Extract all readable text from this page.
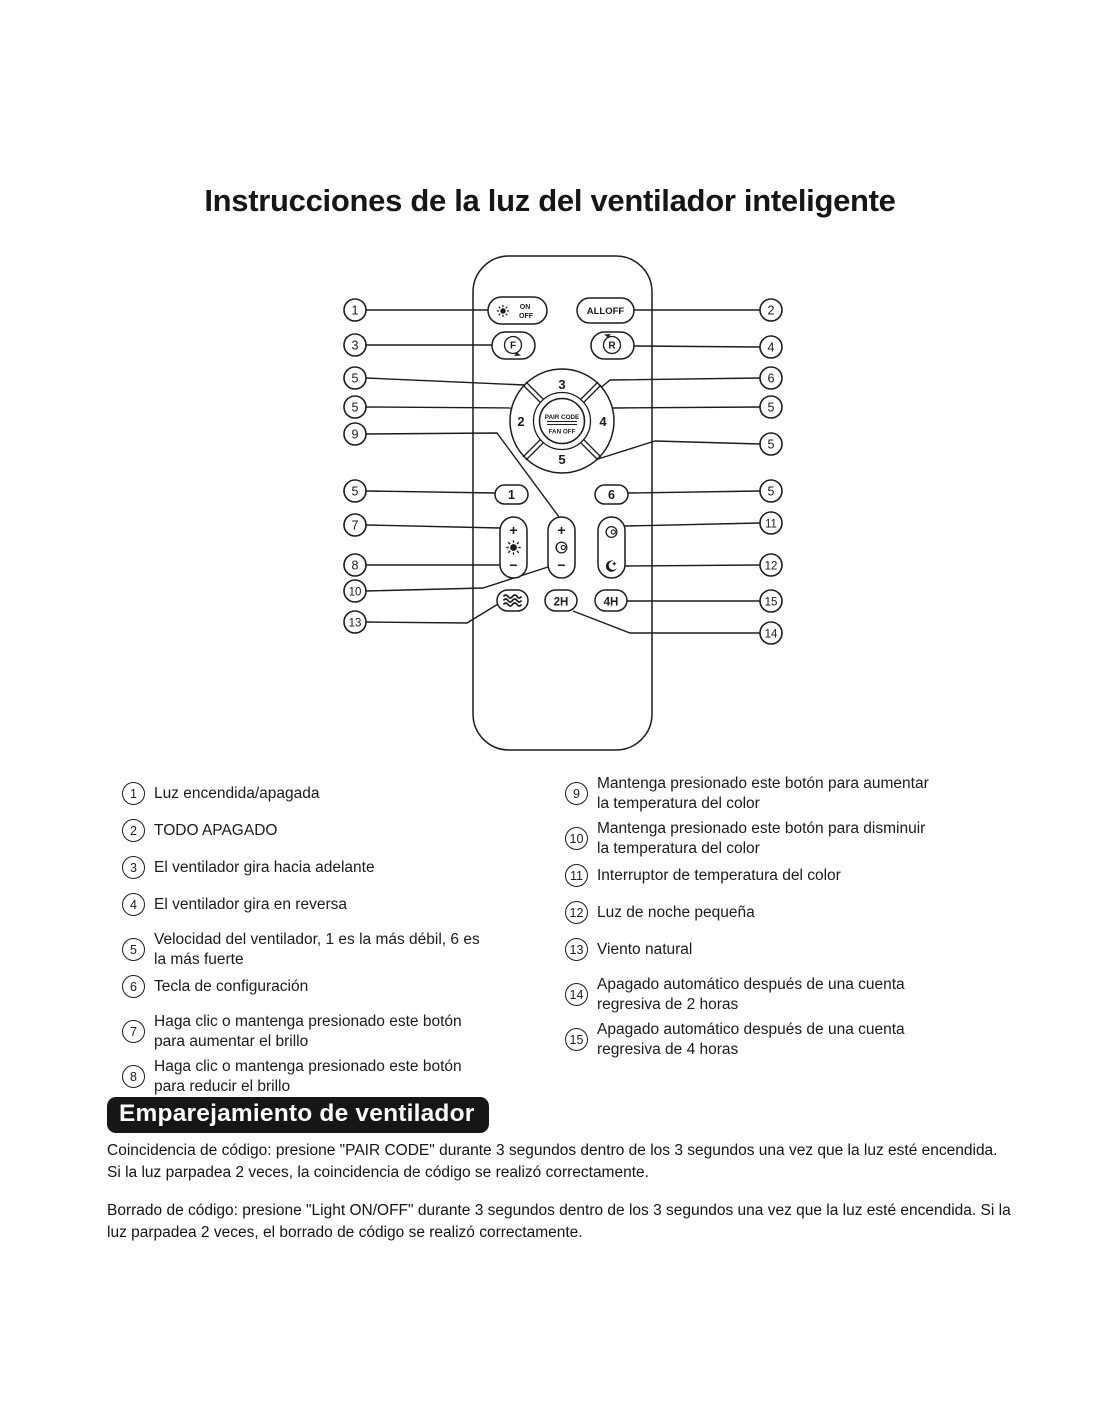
Instrucciones de la luz del ventilador inteligente
ON
OFF	ALLOFF
F	R
3
2	4
5
PAIR CODE
FAN OFF
1	6
+
−
+
−
2H	4H
1
3
5
5
9
5
7
8
10
13
2
4
6
5
5
5
11
12
15
14
1	Luz encendida/apagada
2	TODO APAGADO
3	El ventilador gira hacia adelante
4	El ventilador gira en reversa
5
Velocidad del ventilador, 1 es la más débil, 6 es
la más fuerte
6	Tecla de configuración
7
Haga clic o mantenga presionado este botón
para aumentar el brillo
8
Haga clic o mantenga presionado este botón
para reducir el brillo
9
Mantenga presionado este botón para aumentar
la temperatura del color
10
Mantenga presionado este botón para disminuir
la temperatura del color
11 Interruptor de temperatura del color
12 Luz de noche pequeña
13 Viento natural
14
Apagado automático después de una cuenta
regresiva de 2 horas
15
Apagado automático después de una cuenta
regresiva de 4 horas
Emparejamiento de ventilador
Coincidencia de código: presione "PAIR CODE" durante 3 segundos dentro de los 3 segundos una vez que la luz esté encendida. Si la luz parpadea 2 veces, la coincidencia de código se realizó correctamente.
Borrado de código: presione "Light ON/OFF" durante 3 segundos dentro de los 3 segundos una vez que la luz esté encendida. Si la luz parpadea 2 veces, el borrado de código se realizó correctamente.
